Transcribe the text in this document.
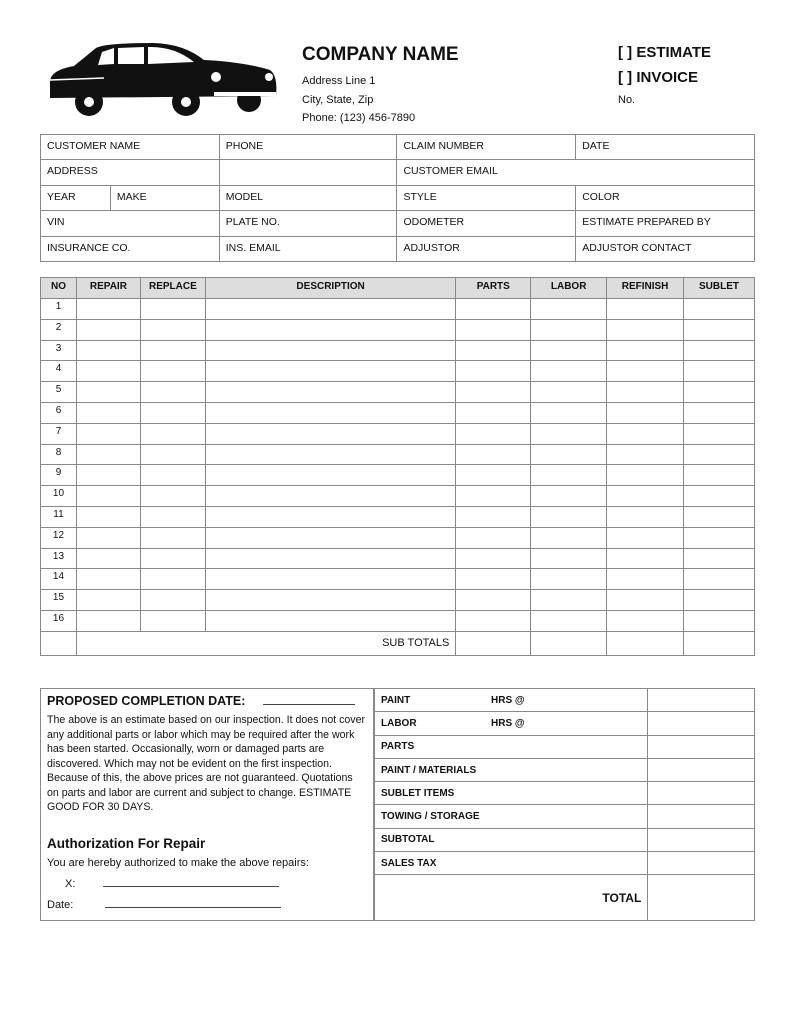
COMPANY NAME
Address Line 1
City, State, Zip
Phone: (123) 456-7890
[ ] ESTIMATE
[ ] INVOICE
No.
CUSTOMER NAME		PHONE	CLAIM NUMBER	DATE
ADDRESS			CUSTOMER EMAIL	
YEAR	MAKE	MODEL	STYLE	COLOR
VIN		PLATE NO.	ODOMETER	ESTIMATE PREPARED BY
INSURANCE CO.		INS. EMAIL	ADJUSTOR	ADJUSTOR CONTACT
NO	REPAIR	REPLACE	DESCRIPTION	PARTS	LABOR	REFINISH	SUBLET
1							
2							
3							
4							
5							
6							
7							
8							
9							
10							
11							
12							
13							
14							
15							
16							
	SUB TOTALS						
PROPOSED COMPLETION DATE:
The above is an estimate based on our inspection. It does not cover any additional parts or labor which may be required after the work has been started. Occasionally, worn or damaged parts are discovered. Which may not be evident on the first inspection. Because of this, the above prices are not guaranteed. Quotations on parts and labor are current and subject to change. ESTIMATE GOOD FOR 30 DAYS.
Authorization For Repair
You are hereby authorized to make the above repairs:
X:
Date:
PAINT HRS @	

LABOR HRS @	

PARTS	
PAINT / MATERIALS	
SUBLET ITEMS	
TOWING / STORAGE	
SUBTOTAL	
SALES TAX	
TOTAL	
